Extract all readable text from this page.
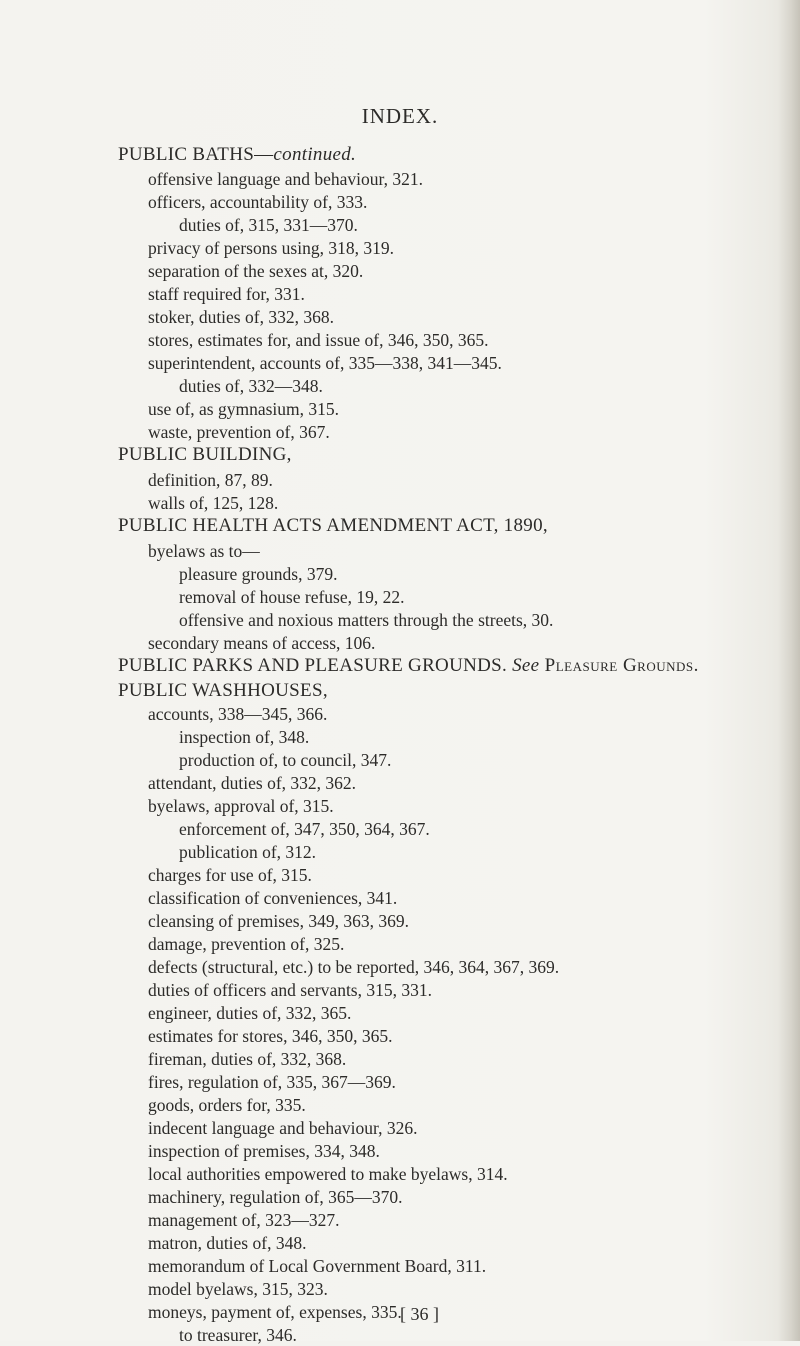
INDEX.
PUBLIC BATHS—continued.
offensive language and behaviour, 321.
officers, accountability of, 333.
duties of, 315, 331—370.
privacy of persons using, 318, 319.
separation of the sexes at, 320.
staff required for, 331.
stoker, duties of, 332, 368.
stores, estimates for, and issue of, 346, 350, 365.
superintendent, accounts of, 335—338, 341—345.
duties of, 332—348.
use of, as gymnasium, 315.
waste, prevention of, 367.
PUBLIC BUILDING,
definition, 87, 89.
walls of, 125, 128.
PUBLIC HEALTH ACTS AMENDMENT ACT, 1890,
byelaws as to—
pleasure grounds, 379.
removal of house refuse, 19, 22.
offensive and noxious matters through the streets, 30.
secondary means of access, 106.
PUBLIC PARKS AND PLEASURE GROUNDS. See Pleasure Grounds.
PUBLIC WASHHOUSES,
accounts, 338—345, 366.
inspection of, 348.
production of, to council, 347.
attendant, duties of, 332, 362.
byelaws, approval of, 315.
enforcement of, 347, 350, 364, 367.
publication of, 312.
charges for use of, 315.
classification of conveniences, 341.
cleansing of premises, 349, 363, 369.
damage, prevention of, 325.
defects (structural, etc.) to be reported, 346, 364, 367, 369.
duties of officers and servants, 315, 331.
engineer, duties of, 332, 365.
estimates for stores, 346, 350, 365.
fireman, duties of, 332, 368.
fires, regulation of, 335, 367—369.
goods, orders for, 335.
indecent language and behaviour, 326.
inspection of premises, 334, 348.
local authorities empowered to make byelaws, 314.
machinery, regulation of, 365—370.
management of, 323—327.
matron, duties of, 348.
memorandum of Local Government Board, 311.
model byelaws, 315, 323.
moneys, payment of, expenses, 335.
to treasurer, 346.
[ 36 ]
